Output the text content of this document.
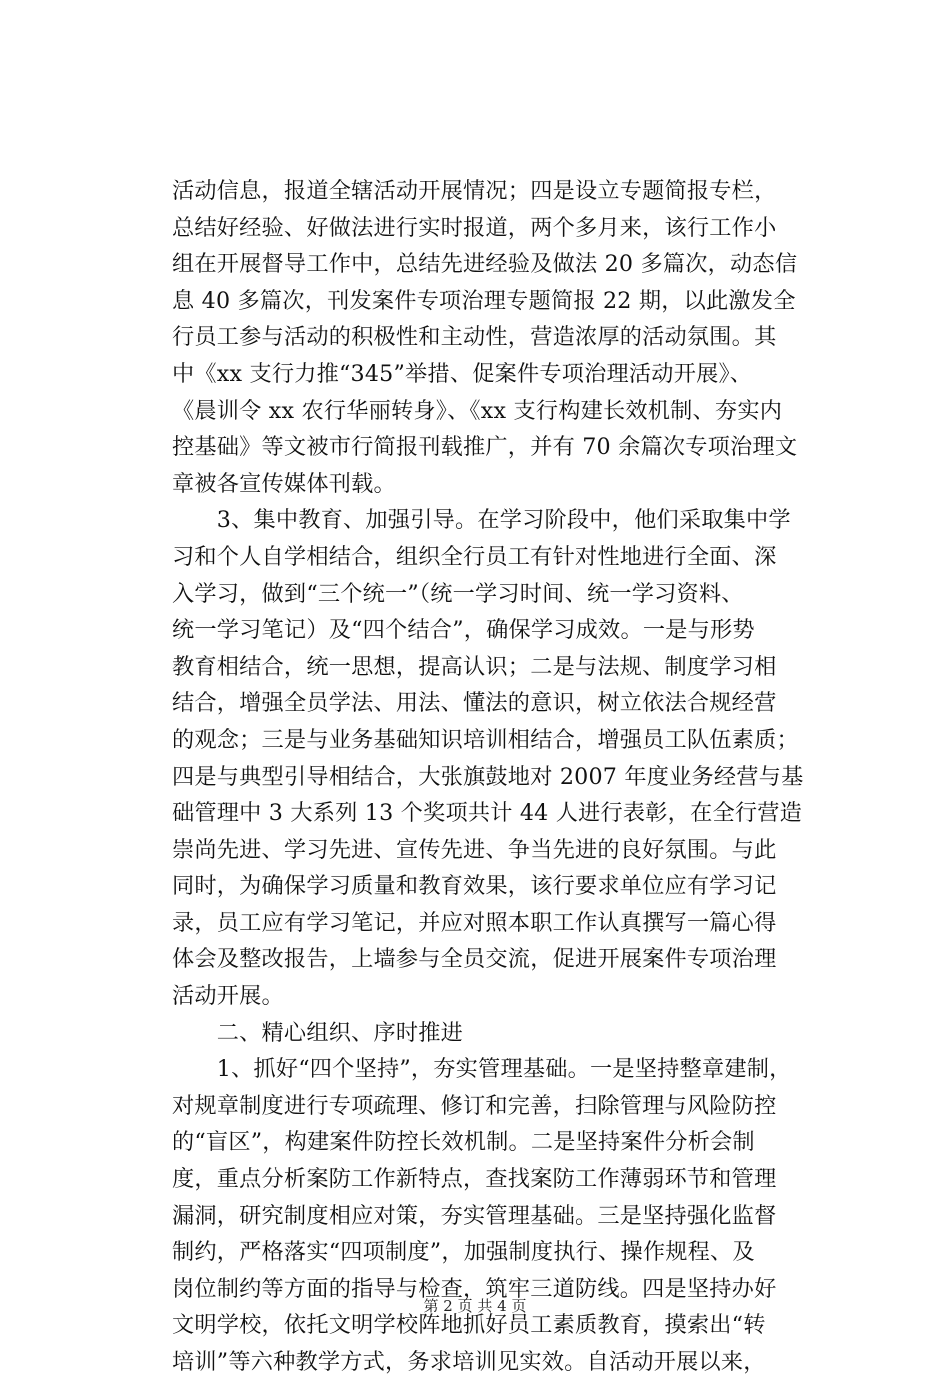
活动信息，报道全辖活动开展情况；四是设立专题简报专栏，
总结好经验、好做法进行实时报道，两个多月来，该行工作小
组在开展督导工作中，总结先进经验及做法 20 多篇次，动态信
息 40 多篇次，刊发案件专项治理专题简报 22 期，以此激发全
行员工参与活动的积极性和主动性，营造浓厚的活动氛围。其
中《xx 支行力推“345”举措、促案件专项治理活动开展》、
《晨训令 xx 农行华丽转身》、《xx 支行构建长效机制、夯实内
控基础》等文被市行简报刊载推广，并有 70 余篇次专项治理文
章被各宣传媒体刊载。
　　3、集中教育、加强引导。在学习阶段中，他们采取集中学
习和个人自学相结合，组织全行员工有针对性地进行全面、深
入学习，做到“三个统一”（统一学习时间、统一学习资料、
统一学习笔记）及“四个结合”，确保学习成效。一是与形势
教育相结合，统一思想，提高认识；二是与法规、制度学习相
结合，增强全员学法、用法、懂法的意识，树立依法合规经营
的观念；三是与业务基础知识培训相结合，增强员工队伍素质；
四是与典型引导相结合，大张旗鼓地对 2007 年度业务经营与基
础管理中 3 大系列 13 个奖项共计 44 人进行表彰，在全行营造
崇尚先进、学习先进、宣传先进、争当先进的良好氛围。与此
同时，为确保学习质量和教育效果，该行要求单位应有学习记
录，员工应有学习笔记，并应对照本职工作认真撰写一篇心得
体会及整改报告，上墙参与全员交流，促进开展案件专项治理
活动开展。
　　二、精心组织、序时推进
　　1、抓好“四个坚持”，夯实管理基础。一是坚持整章建制，
对规章制度进行专项疏理、修订和完善，扫除管理与风险防控
的“盲区”，构建案件防控长效机制。二是坚持案件分析会制
度，重点分析案防工作新特点，查找案防工作薄弱环节和管理
漏洞，研究制度相应对策，夯实管理基础。三是坚持强化监督
制约，严格落实“四项制度”，加强制度执行、操作规程、及
岗位制约等方面的指导与检查，筑牢三道防线。四是坚持办好
文明学校，依托文明学校阵地抓好员工素质教育，摸索出“转
培训”等六种教学方式，务求培训见实效。自活动开展以来，
第 2 页 共 4 页
